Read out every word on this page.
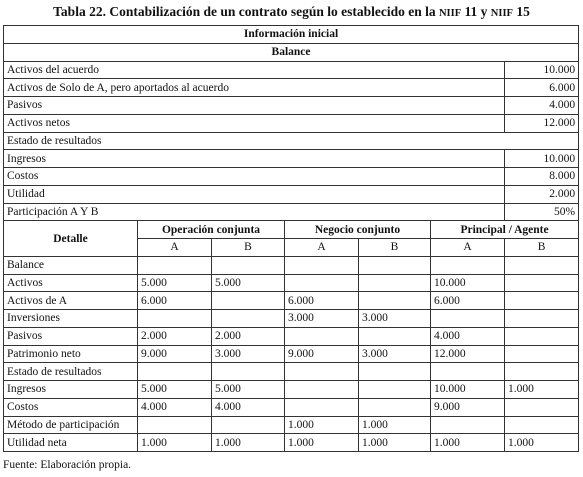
Tabla 22. Contabilización de un contrato según lo establecido en la NIIF 11 y NIIF 15
Información inicial						
Balance						
Activos del acuerdo						10.000
Activos de Solo de A, pero aportados al acuerdo						6.000
Pasivos						4.000
Activos netos						12.000
Estado de resultados						
Ingresos						10.000
Costos						8.000
Utilidad						2.000
Participación A Y B						50%
Detalle	Operación conjunta		Negocio conjunto		Principal / Agente	
	A	B	A	B	A	B
Balance						
Activos	5.000	5.000			10.000	
Activos de A	6.000		6.000		6.000	
Inversiones			3.000	3.000		
Pasivos	2.000	2.000			4.000	
Patrimonio neto	9.000	3.000	9.000	3.000	12.000	
Estado de resultados						
Ingresos	5.000	5.000			10.000	1.000
Costos	4.000	4.000			9.000	
Método de participación			1.000	1.000		
Utilidad neta	1.000	1.000	1.000	1.000	1.000	1.000
Fuente: Elaboración propia.
